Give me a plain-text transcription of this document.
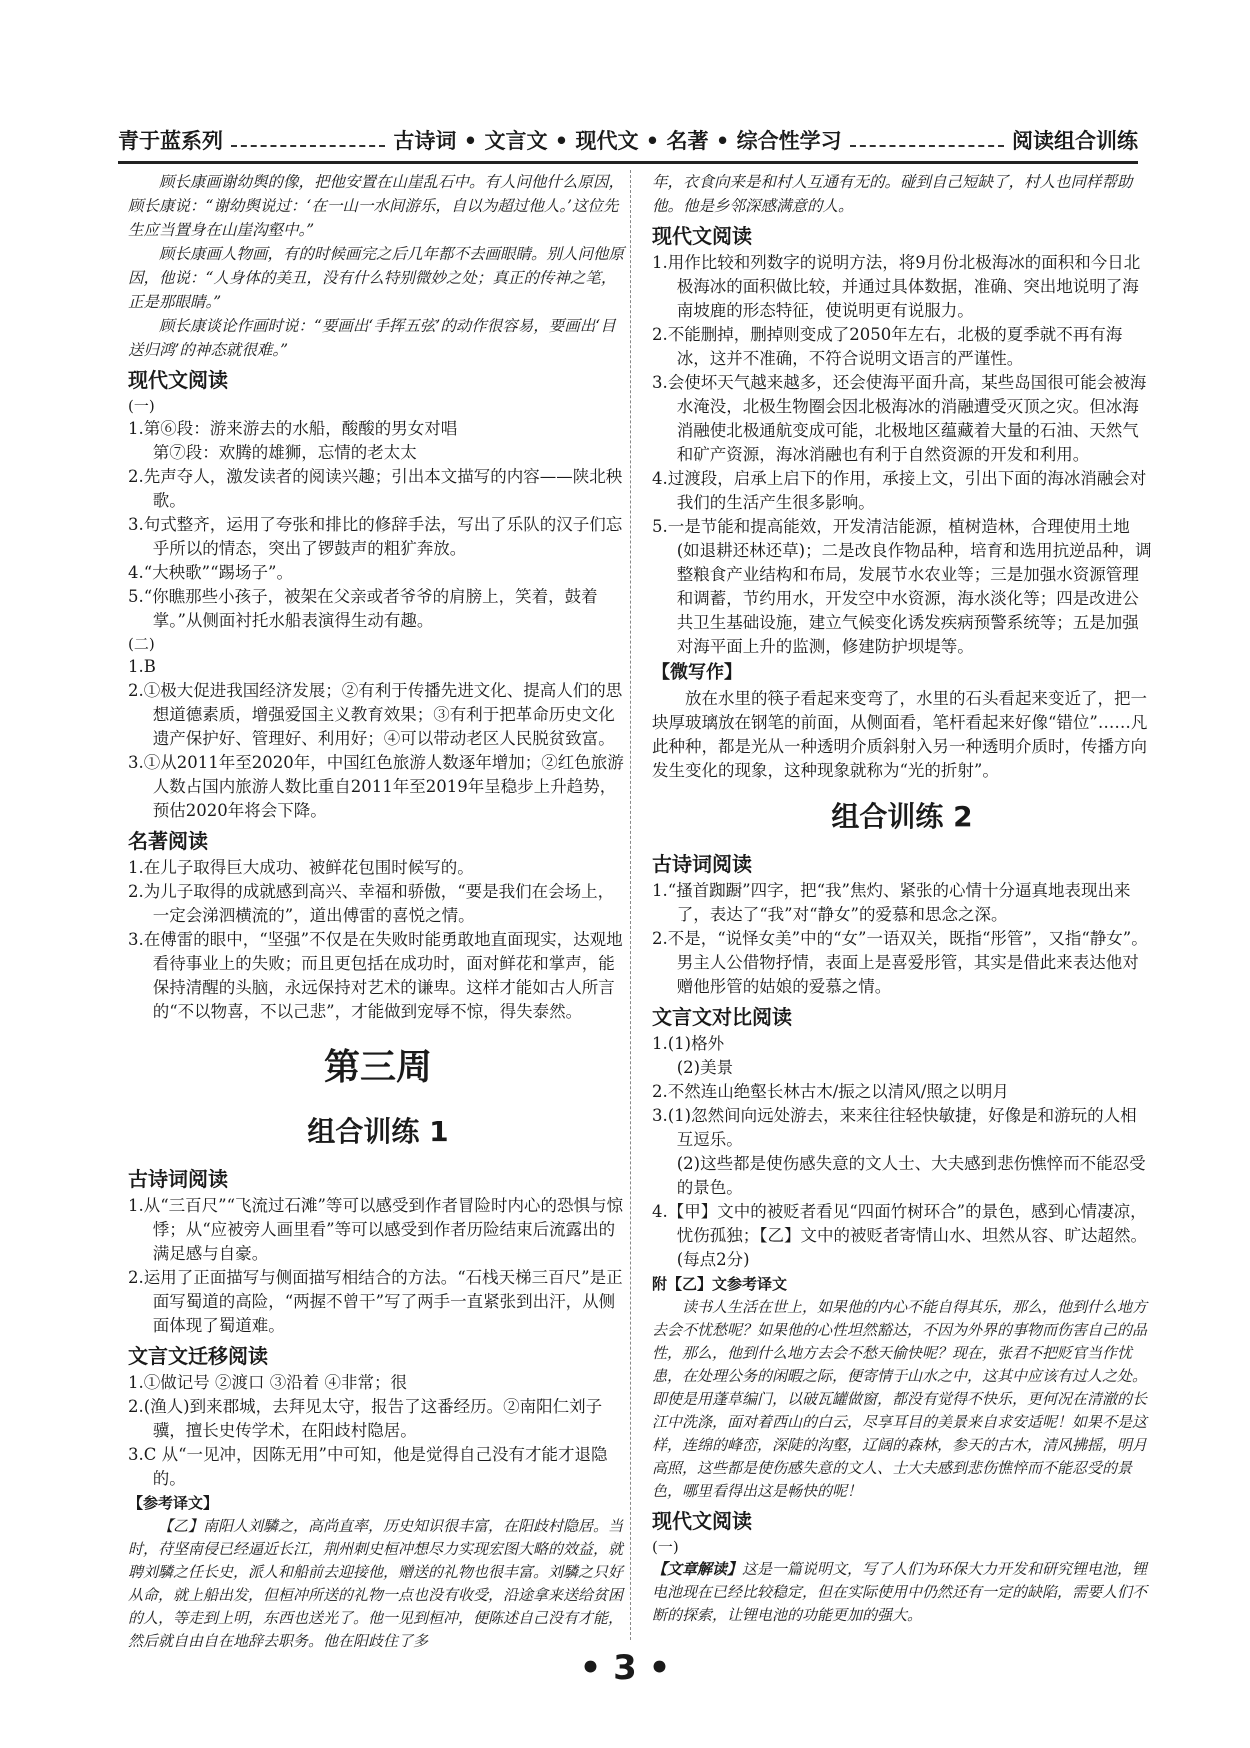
青于蓝系列	古诗词 • 文言文 • 现代文 • 名著 • 综合性学习	阅读组合训练

顾长康画谢幼舆的像，把他安置在山崖乱石中。有人问他什么原因，顾长康说：“谢幼舆说过：‘在一山一水间游乐，自以为超过他人。’这位先生应当置身在山崖沟壑中。”

顾长康画人物画，有的时候画完之后几年都不去画眼睛。别人问他原因，他说：“人身体的美丑，没有什么特别微妙之处；真正的传神之笔，正是那眼睛。”

顾长康谈论作画时说：“要画出‘手挥五弦’的动作很容易，要画出‘目送归鸿’的神态就很难。”

现代文阅读

(一)

1.第⑥段：游来游去的水船，酸酸的男女对唱

第⑦段：欢腾的雄狮，忘情的老太太

2.先声夺人，激发读者的阅读兴趣；引出本文描写的内容——陕北秧歌。

3.句式整齐，运用了夸张和排比的修辞手法，写出了乐队的汉子们忘乎所以的情态，突出了锣鼓声的粗犷奔放。

4.“大秧歌”“踢场子”。

5.“你瞧那些小孩子，被架在父亲或者爷爷的肩膀上，笑着，鼓着掌。”从侧面衬托水船表演得生动有趣。

(二)

1.B

2.①极大促进我国经济发展；②有利于传播先进文化、提高人们的思想道德素质，增强爱国主义教育效果；③有利于把革命历史文化遗产保护好、管理好、利用好；④可以带动老区人民脱贫致富。

3.①从2011年至2020年，中国红色旅游人数逐年增加；②红色旅游人数占国内旅游人数比重自2011年至2019年呈稳步上升趋势，预估2020年将会下降。

名著阅读

1.在儿子取得巨大成功、被鲜花包围时候写的。

2.为儿子取得的成就感到高兴、幸福和骄傲，“要是我们在会场上，一定会涕泗横流的”，道出傅雷的喜悦之情。

3.在傅雷的眼中，“坚强”不仅是在失败时能勇敢地直面现实，达观地看待事业上的失败；而且更包括在成功时，面对鲜花和掌声，能保持清醒的头脑，永远保持对艺术的谦卑。这样才能如古人所言的“不以物喜，不以己悲”，才能做到宠辱不惊，得失泰然。

第三周
组合训练 1
古诗词阅读

1.从“三百尺”“飞流过石滩”等可以感受到作者冒险时内心的恐惧与惊悸；从“应被旁人画里看”等可以感受到作者历险结束后流露出的满足感与自豪。

2.运用了正面描写与侧面描写相结合的方法。“石栈天梯三百尺”是正面写蜀道的高险，“两握不曾干”写了两手一直紧张到出汗，从侧面体现了蜀道难。

文言文迁移阅读

1.①做记号 ②渡口 ③沿着 ④非常；很

2.(渔人)到来郡城，去拜见太守，报告了这番经历。②南阳仁刘子骥，擅长史传学术，在阳歧村隐居。

3.C 从“一见冲，因陈无用”中可知，他是觉得自己没有才能才退隐的。

【参考译文】

【乙】南阳人刘驎之，高尚直率，历史知识很丰富，在阳歧村隐居。当时，苻坚南侵已经逼近长江，荆州刺史桓冲想尽力实现宏图大略的效益，就聘刘驎之任长史，派人和船前去迎接他，赠送的礼物也很丰富。刘驎之只好从命，就上船出发，但桓冲所送的礼物一点也没有收受，沿途拿来送给贫困的人，等走到上明，东西也送光了。他一见到桓冲，便陈述自己没有才能，然后就自由自在地辞去职务。他在阳歧住了多

年，衣食向来是和村人互通有无的。碰到自己短缺了，村人也同样帮助他。他是乡邻深感满意的人。

现代文阅读

1.用作比较和列数字的说明方法，将9月份北极海冰的面积和今日北极海冰的面积做比较，并通过具体数据，准确、突出地说明了海南坡鹿的形态特征，使说明更有说服力。

2.不能删掉，删掉则变成了2050年左右，北极的夏季就不再有海冰，这并不准确，不符合说明文语言的严谨性。

3.会使坏天气越来越多，还会使海平面升高，某些岛国很可能会被海水淹没，北极生物圈会因北极海冰的消融遭受灭顶之灾。但冰海消融使北极通航变成可能，北极地区蕴藏着大量的石油、天然气和矿产资源，海冰消融也有利于自然资源的开发和利用。

4.过渡段，启承上启下的作用，承接上文，引出下面的海冰消融会对我们的生活产生很多影响。

5.一是节能和提高能效，开发清洁能源，植树造林，合理使用土地(如退耕还林还草)；二是改良作物品种，培育和选用抗逆品种，调整粮食产业结构和布局，发展节水农业等；三是加强水资源管理和调蓄，节约用水，开发空中水资源，海水淡化等；四是改进公共卫生基础设施，建立气候变化诱发疾病预警系统等；五是加强对海平面上升的监测，修建防护坝堤等。

【微写作】

放在水里的筷子看起来变弯了，水里的石头看起来变近了，把一块厚玻璃放在钢笔的前面，从侧面看，笔杆看起来好像“错位”……凡此种种，都是光从一种透明介质斜射入另一种透明介质时，传播方向发生变化的现象，这种现象就称为“光的折射”。

组合训练 2
古诗词阅读

1.“搔首踟蹰”四字，把“我”焦灼、紧张的心情十分逼真地表现出来了，表达了“我”对“静女”的爱慕和思念之深。

2.不是，“说怿女美”中的“女”一语双关，既指“彤管”，又指“静女”。男主人公借物抒情，表面上是喜爱彤管，其实是借此来表达他对赠他彤管的姑娘的爱慕之情。

文言文对比阅读

1.(1)格外

(2)美景

2.不然连山绝壑长林古木/振之以清风/照之以明月

3.(1)忽然间向远处游去，来来往往轻快敏捷，好像是和游玩的人相互逗乐。

(2)这些都是使伤感失意的文人士、大夫感到悲伤憔悴而不能忍受的景色。

4.【甲】文中的被贬者看见“四面竹树环合”的景色，感到心情凄凉，忧伤孤独；【乙】文中的被贬者寄情山水、坦然从容、旷达超然。(每点2分)

附【乙】文参考译文

读书人生活在世上，如果他的内心不能自得其乐，那么，他到什么地方去会不忧愁呢？如果他的心性坦然豁达，不因为外界的事物而伤害自己的品性，那么，他到什么地方去会不愁天偷快呢？现在，张君不把贬官当作忧患，在处理公务的闲暇之际，便寄情于山水之中，这其中应该有过人之处。即使是用蓬草编门，以破瓦罐做窗，都没有觉得不快乐，更何况在清澈的长江中洗涤，面对着西山的白云，尽享耳目的美景来自求安适呢！如果不是这样，连绵的峰峦，深陡的沟壑，辽阔的森林，参天的古木，清风拂摇，明月高照，这些都是使伤感失意的文人、士大夫感到悲伤憔悴而不能忍受的景色，哪里看得出这是畅快的呢！

现代文阅读

(一)

【文章解读】这是一篇说明文，写了人们为环保大力开发和研究锂电池，锂电池现在已经比较稳定，但在实际使用中仍然还有一定的缺陷，需要人们不断的探索，让锂电池的功能更加的强大。

• 3 •
